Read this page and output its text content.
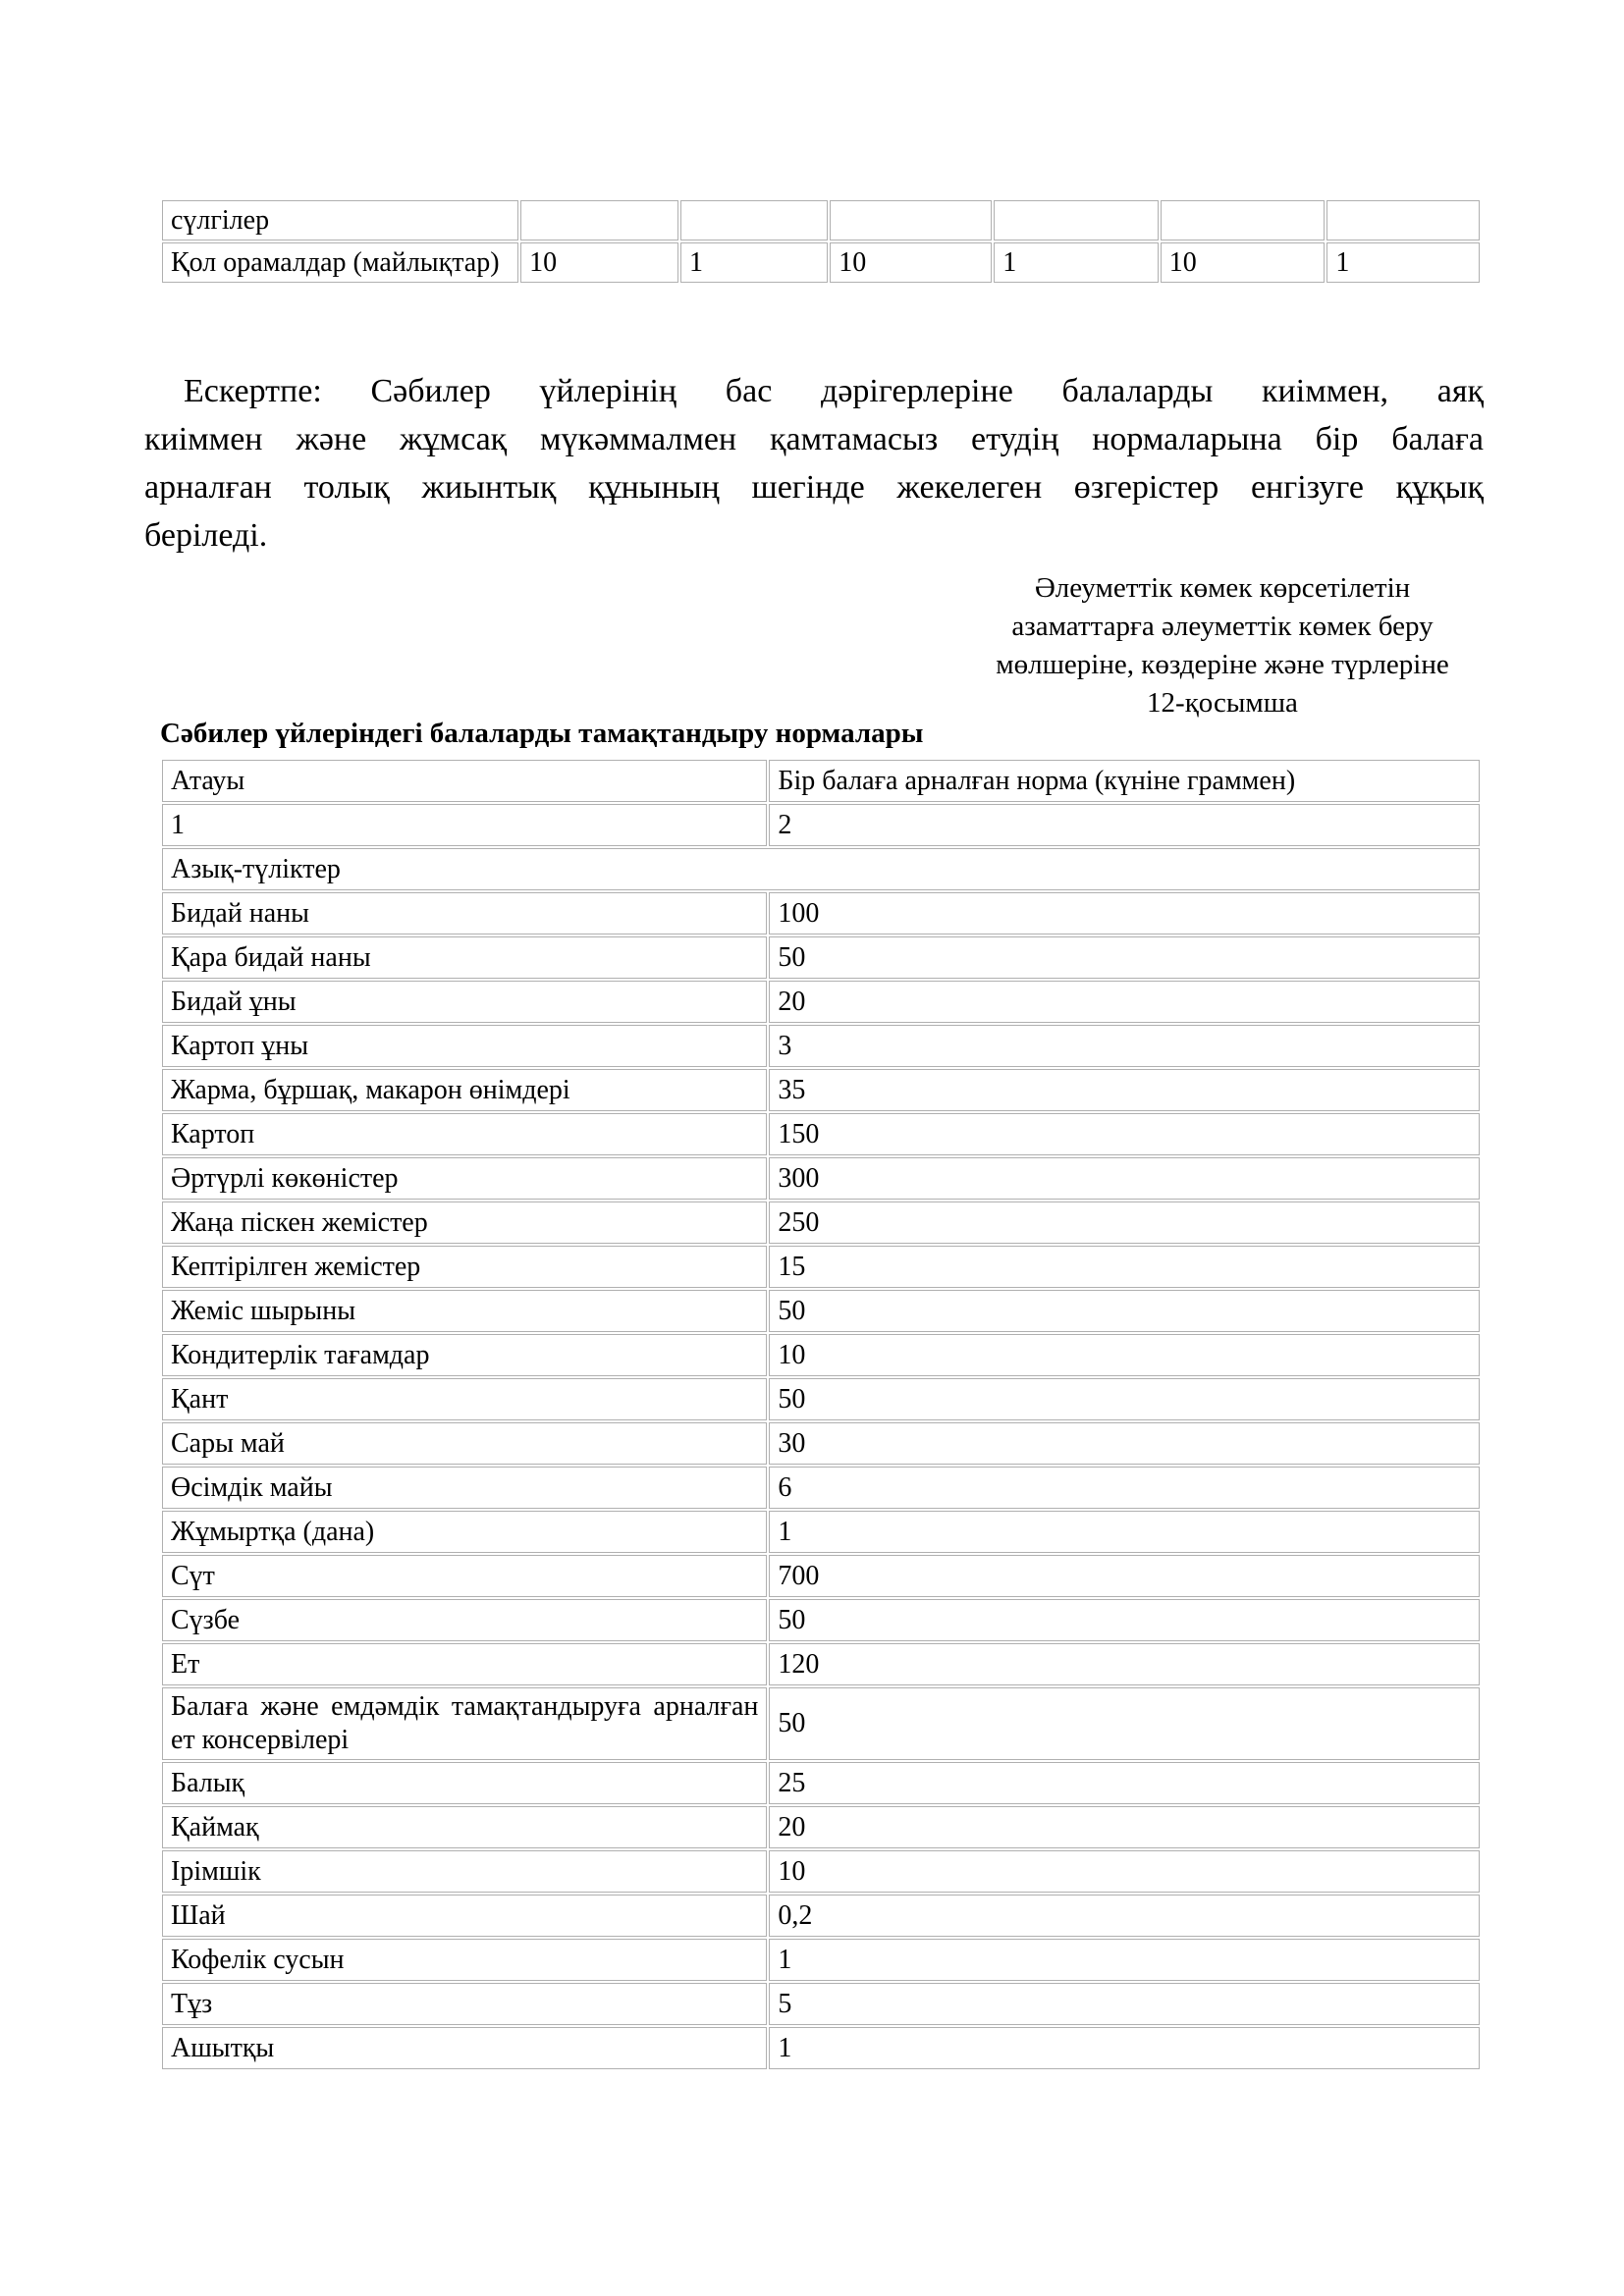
сүлгілер						
Қол орамалдар (майлықтар)	10	1	10	1	10	1
Ескертпе: Сәбилер үйлерінің бас дәрігерлеріне балаларды киіммен, аяқ
киіммен және жұмсақ мүкәммалмен қамтамасыз етудің нормаларына бір балаға
арналған толық жиынтық құнының шегінде жекелеген өзгерістер енгізуге құқық
беріледі.
Әлеуметтік көмек көрсетілетін
азаматтарға әлеуметтік көмек беру
мөлшеріне, көздеріне және түрлеріне
12-қосымша
Сәбилер үйлеріндегі балаларды тамақтандыру нормалары
Атауы	Бір балаға арналған норма (күніне граммен)
1	2
Азық-түліктер	
Бидай наны	100
Қара бидай наны	50
Бидай ұны	20
Картоп ұны	3
Жарма, бұршақ, макарон өнімдері	35
Картоп	150
Әртүрлі көкөністер	300
Жаңа піскен жемістер	250
Кептірілген жемістер	15
Жеміс шырыны	50
Кондитерлік тағамдар	10
Қант	50
Сары май	30
Өсімдік майы	6
Жұмыртқа (дана)	1
Сүт	700
Сүзбе	50
Ет	120
Балаға және емдәмдік тамақтандыруға арналған ет консервілері	50
Балық	25
Қаймақ	20
Ірімшік	10
Шай	0,2
Кофелік сусын	1
Тұз	5
Ашытқы	1
